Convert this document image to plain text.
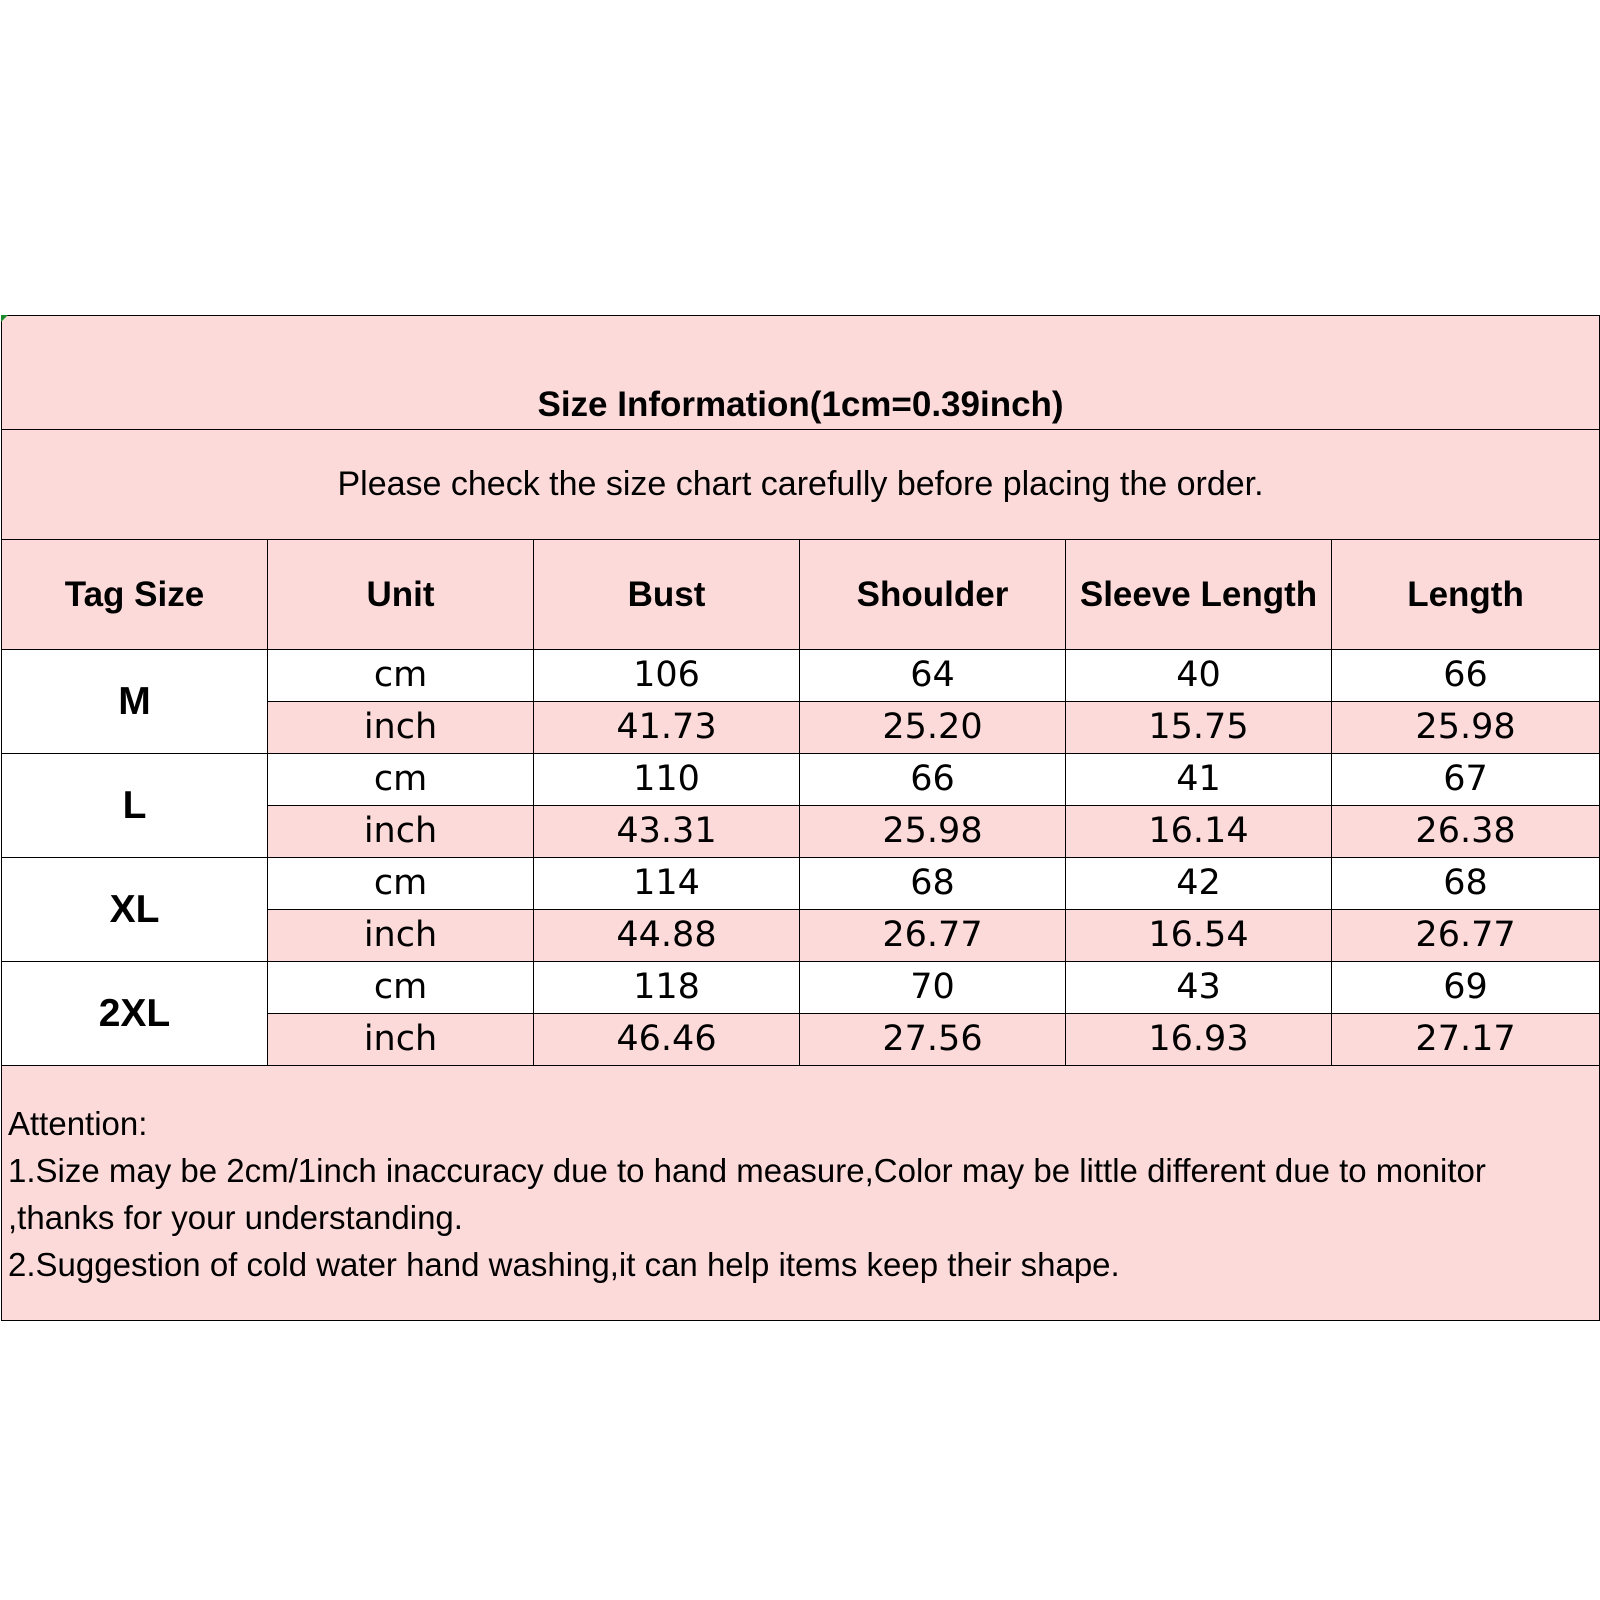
Size Information(1cm=0.39inch)					
Please check the size chart carefully before placing the order.					
Tag Size	Unit	Bust	Shoulder	Sleeve Length	Length
M	cm	106	64	40	66
	inch	41.73	25.20	15.75	25.98
L	cm	110	66	41	67
	inch	43.31	25.98	16.14	26.38
XL	cm	114	68	42	68
	inch	44.88	26.77	16.54	26.77
2XL	cm	118	70	43	69
	inch	46.46	27.56	16.93	27.17

Attention:
1.Size may be 2cm/1inch inaccuracy due to hand measure,Color may be little different due to monitor ,thanks for your understanding.
2.Suggestion of cold water hand washing,it can help items keep their shape.					
